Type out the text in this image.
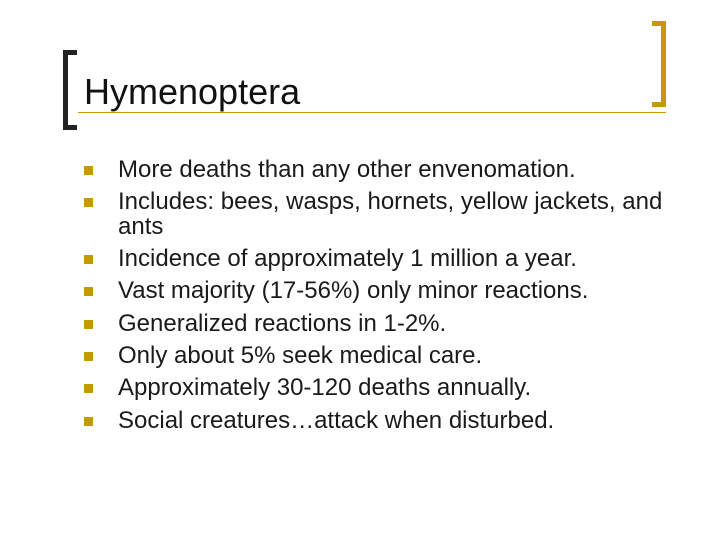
Hymenoptera
More deaths than any other envenomation.
Includes: bees, wasps, hornets, yellow jackets, and ants
Incidence of approximately 1 million a year.
Vast majority (17-56%) only minor reactions.
Generalized reactions in 1-2%.
Only about 5% seek medical care.
Approximately 30-120 deaths annually.
Social creatures…attack when disturbed.
